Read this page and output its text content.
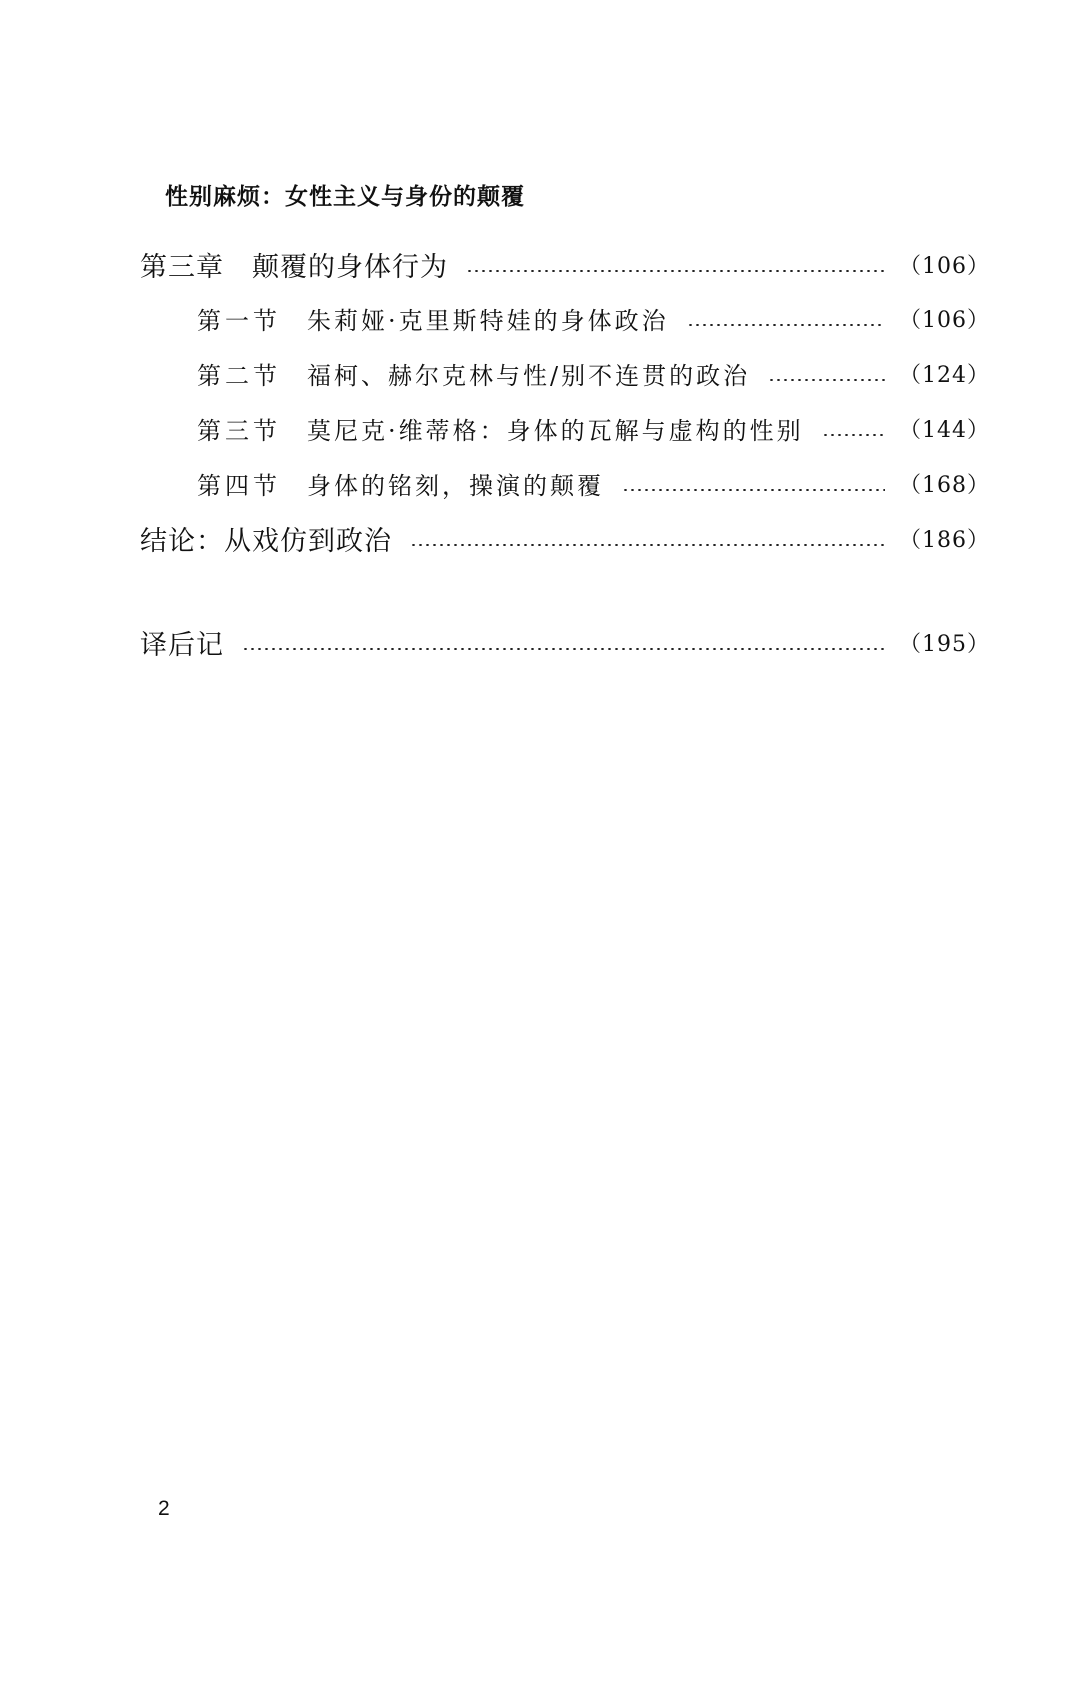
性别麻烦：女性主义与身份的颠覆
第三章 颠覆的身体行为	（106）
第一节 朱莉娅·克里斯特娃的身体政治	（106）
第二节 福柯、赫尔克林与性/别不连贯的政治	（124）
第三节 莫尼克·维蒂格：身体的瓦解与虚构的性别	（144）
第四节 身体的铭刻，操演的颠覆	（168）
结论：从戏仿到政治	（186）
译后记	（195）
2
